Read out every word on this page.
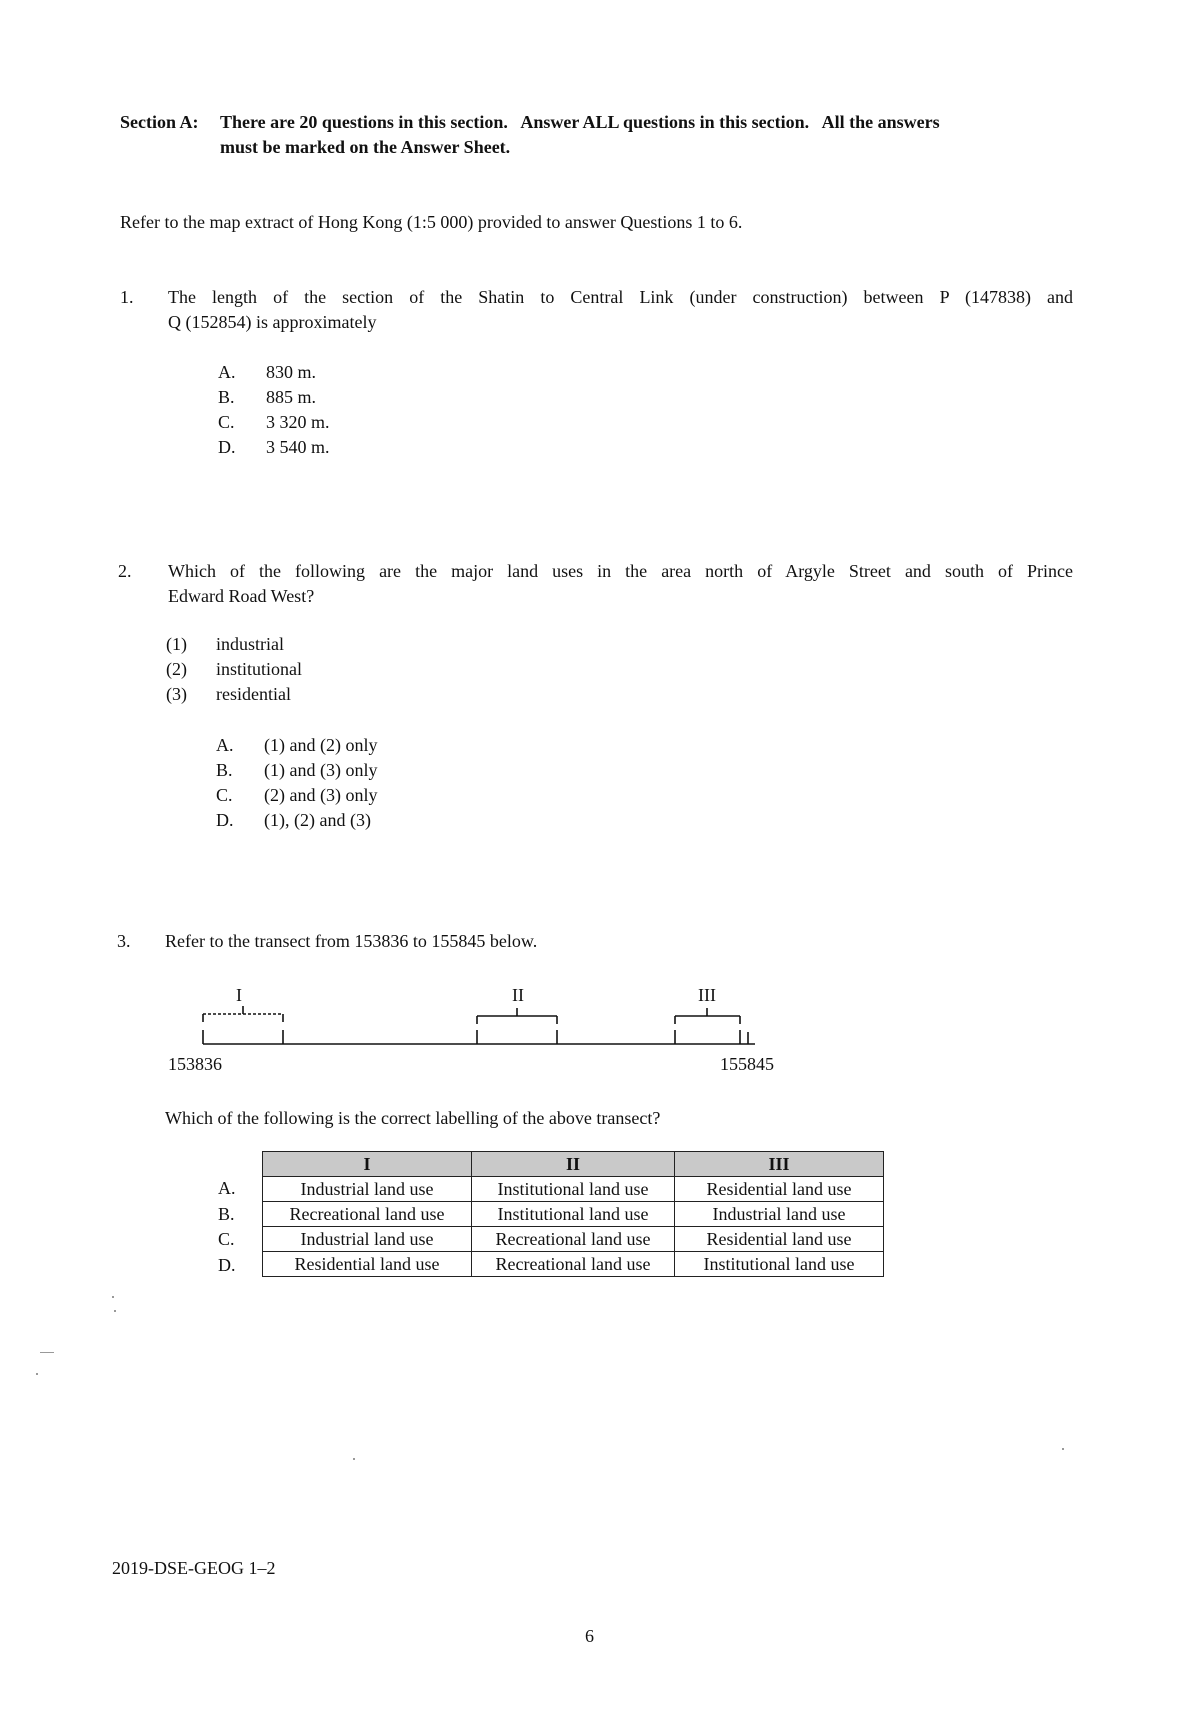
Section A: There are 20 questions in this section.   Answer ALL questions in this section.   All the answers
must be marked on the Answer Sheet.
Refer to the map extract of Hong Kong (1:5 000) provided to answer Questions 1 to 6.
1. The length of the section of the Shatin to Central Link (under construction) between P (147838) and
Q (152854) is approximately
A. 830 m.
B. 885 m.
C. 3 320 m.
D. 3 540 m.
2. Which of the following are the major land uses in the area north of Argyle Street and south of Prince
Edward Road West?
(1) industrial
(2) institutional
(3) residential
A. (1) and (2) only
B. (1) and (3) only
C. (2) and (3) only
D. (1), (2) and (3)
3. Refer to the transect from 153836 to 155845 below.
I	II	III
153836	155845
Which of the following is the correct labelling of the above transect?
A.
B.
C.
D.
I	II	III
Industrial land use	Institutional land use	Residential land use
Recreational land use	Institutional land use	Industrial land use
Industrial land use	Recreational land use	Residential land use
Residential land use	Recreational land use	Institutional land use
2019-DSE-GEOG 1–2
6
